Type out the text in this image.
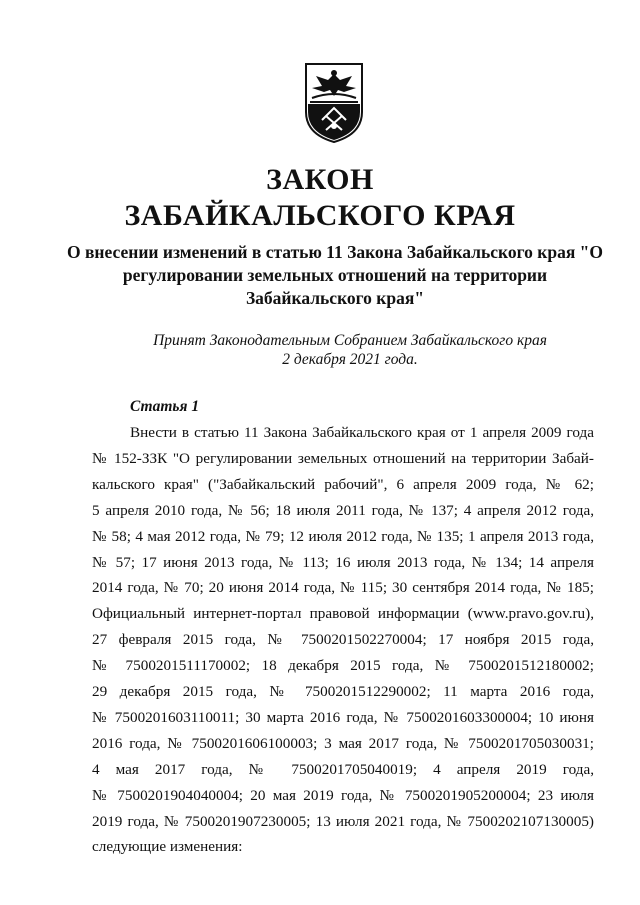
ЗАКОН
ЗАБАЙКАЛЬСКОГО КРАЯ
О внесении изменений в статью 11 Закона Забайкальского края "О регулировании земельных отношений на территории Забайкальского края"
Принят Законодательным Собранием Забайкальского края
2 декабря 2021 года.
Статья 1
Внести в статью 11 Закона Забайкальского края от 1 апреля 2009 года
№ 152-ЗЗК "О регулировании земельных отношений на территории Забай-
кальского края" ("Забайкальский рабочий", 6 апреля 2009 года, № 62;
5 апреля 2010 года, № 56; 18 июля 2011 года, № 137; 4 апреля 2012 года,
№ 58; 4 мая 2012 года, № 79; 12 июля 2012 года, № 135; 1 апреля 2013 года,
№ 57; 17 июня 2013 года, № 113; 16 июля 2013 года, № 134; 14 апреля
2014 года, № 70; 20 июня 2014 года, № 115; 30 сентября 2014 года, № 185;
Официальный интернет-портал правовой информации (www.pravo.gov.ru),
27 февраля 2015 года, № 7500201502270004; 17 ноября 2015 года,
№ 7500201511170002; 18 декабря 2015 года, № 7500201512180002;
29 декабря 2015 года, № 7500201512290002; 11 марта 2016 года,
№ 7500201603110011; 30 марта 2016 года, № 7500201603300004; 10 июня
2016 года, № 7500201606100003; 3 мая 2017 года, № 7500201705030031;
4 мая 2017 года, № 7500201705040019; 4 апреля 2019 года,
№ 7500201904040004; 20 мая 2019 года, № 7500201905200004; 23 июля
2019 года, № 7500201907230005; 13 июля 2021 года, № 7500202107130005)
следующие изменения:
